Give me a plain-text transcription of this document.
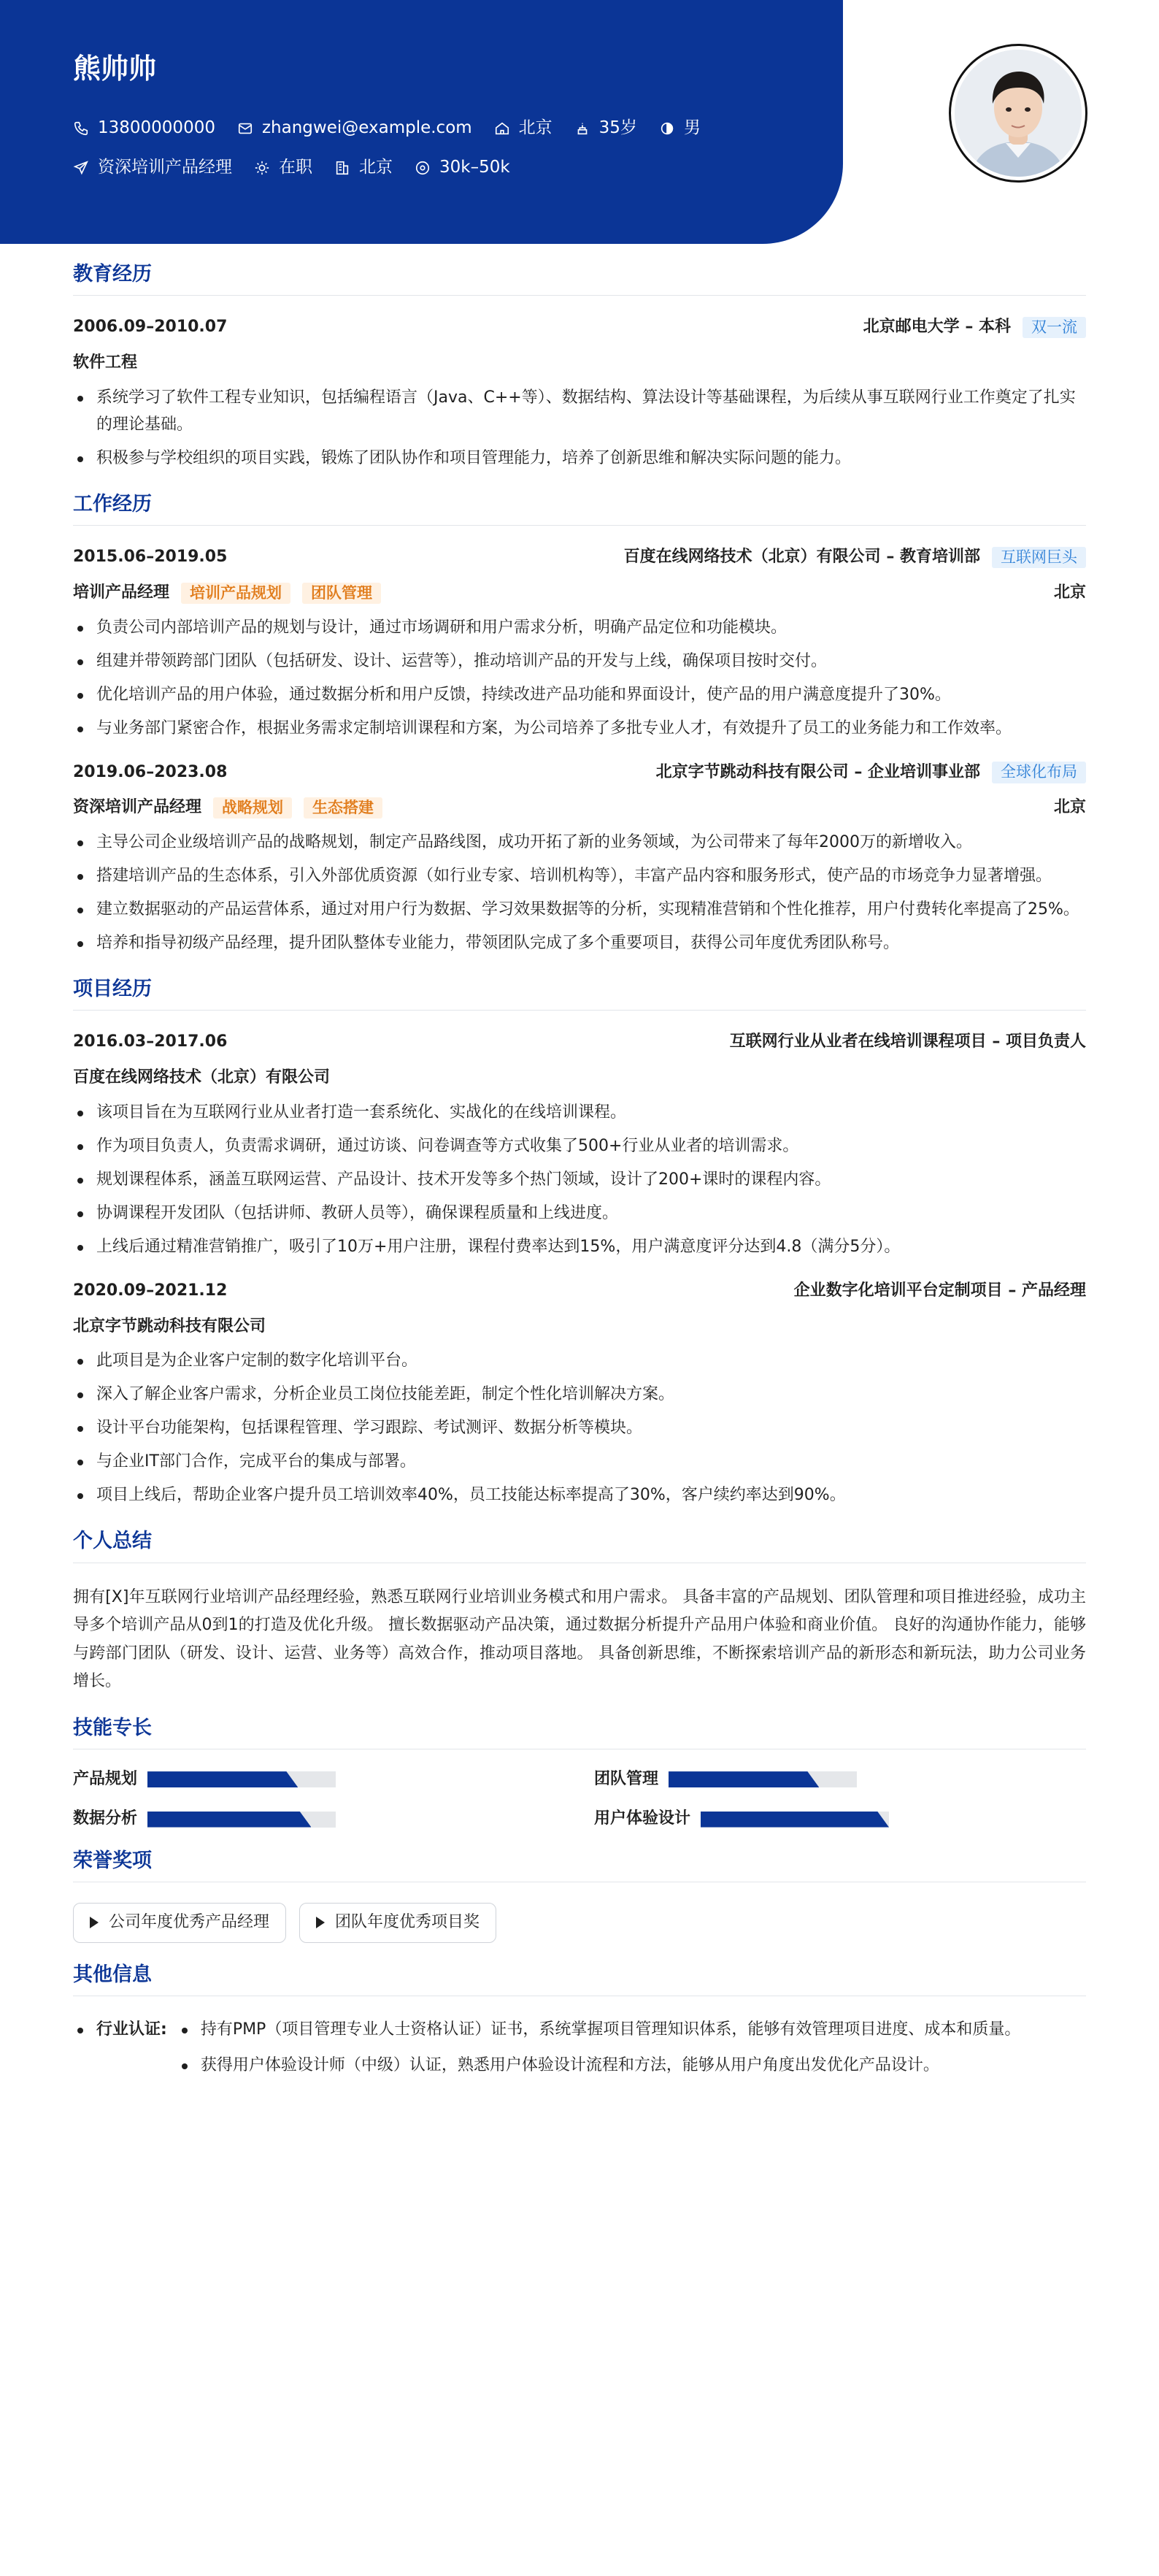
熊帅帅
13800000000	zhangwei@example.com	北京	35岁	男
资深培训产品经理	在职	北京	30k–50k
教育经历
2006.09–2010.07	北京邮电大学 – 本科	双一流
软件工程
系统学习了软件工程专业知识，包括编程语言（Java、C++等）、数据结构、算法设计等基础课程，为后续从事互联网行业工作奠定了扎实的理论基础。
积极参与学校组织的项目实践，锻炼了团队协作和项目管理能力，培养了创新思维和解决实际问题的能力。
工作经历
2015.06–2019.05	百度在线网络技术（北京）有限公司 – 教育培训部	互联网巨头
培训产品经理	培训产品规划	团队管理	北京
负责公司内部培训产品的规划与设计，通过市场调研和用户需求分析，明确产品定位和功能模块。
组建并带领跨部门团队（包括研发、设计、运营等），推动培训产品的开发与上线，确保项目按时交付。
优化培训产品的用户体验，通过数据分析和用户反馈，持续改进产品功能和界面设计，使产品的用户满意度提升了30%。
与业务部门紧密合作，根据业务需求定制培训课程和方案，为公司培养了多批专业人才，有效提升了员工的业务能力和工作效率。
2019.06–2023.08	北京字节跳动科技有限公司 – 企业培训事业部	全球化布局
资深培训产品经理	战略规划	生态搭建	北京
主导公司企业级培训产品的战略规划，制定产品路线图，成功开拓了新的业务领域，为公司带来了每年2000万的新增收入。
搭建培训产品的生态体系，引入外部优质资源（如行业专家、培训机构等），丰富产品内容和服务形式，使产品的市场竞争力显著增强。
建立数据驱动的产品运营体系，通过对用户行为数据、学习效果数据等的分析，实现精准营销和个性化推荐，用户付费转化率提高了25%。
培养和指导初级产品经理，提升团队整体专业能力，带领团队完成了多个重要项目，获得公司年度优秀团队称号。
项目经历
2016.03–2017.06	互联网行业从业者在线培训课程项目 – 项目负责人
百度在线网络技术（北京）有限公司
该项目旨在为互联网行业从业者打造一套系统化、实战化的在线培训课程。
作为项目负责人，负责需求调研，通过访谈、问卷调查等方式收集了500+行业从业者的培训需求。
规划课程体系，涵盖互联网运营、产品设计、技术开发等多个热门领域，设计了200+课时的课程内容。
协调课程开发团队（包括讲师、教研人员等），确保课程质量和上线进度。
上线后通过精准营销推广，吸引了10万+用户注册，课程付费率达到15%，用户满意度评分达到4.8（满分5分）。
2020.09–2021.12	企业数字化培训平台定制项目 – 产品经理
北京字节跳动科技有限公司
此项目是为企业客户定制的数字化培训平台。
深入了解企业客户需求，分析企业员工岗位技能差距，制定个性化培训解决方案。
设计平台功能架构，包括课程管理、学习跟踪、考试测评、数据分析等模块。
与企业IT部门合作，完成平台的集成与部署。
项目上线后，帮助企业客户提升员工培训效率40%，员工技能达标率提高了30%，客户续约率达到90%。
个人总结

拥有[X]年互联网行业培训产品经理经验，熟悉互联网行业培训业务模式和用户需求。 具备丰富的产品规划、团队管理和项目推进经验，成功主导多个培训产品从0到1的打造及优化升级。 擅长数据驱动产品决策，通过数据分析提升产品用户体验和商业价值。 良好的沟通协作能力，能够与跨部门团队（研发、设计、运营、业务等）高效合作，推动项目落地。 具备创新思维，不断探索培训产品的新形态和新玩法，助力公司业务增长。

技能专长
产品规划	团队管理
数据分析	用户体验设计
荣誉奖项
公司年度优秀产品经理	团队年度优秀项目奖
其他信息
行业认证:	持有PMP（项目管理专业人士资格认证）证书，系统掌握项目管理知识体系，能够有效管理项目进度、成本和质量。
获得用户体验设计师（中级）认证，熟悉用户体验设计流程和方法，能够从用户角度出发优化产品设计。
